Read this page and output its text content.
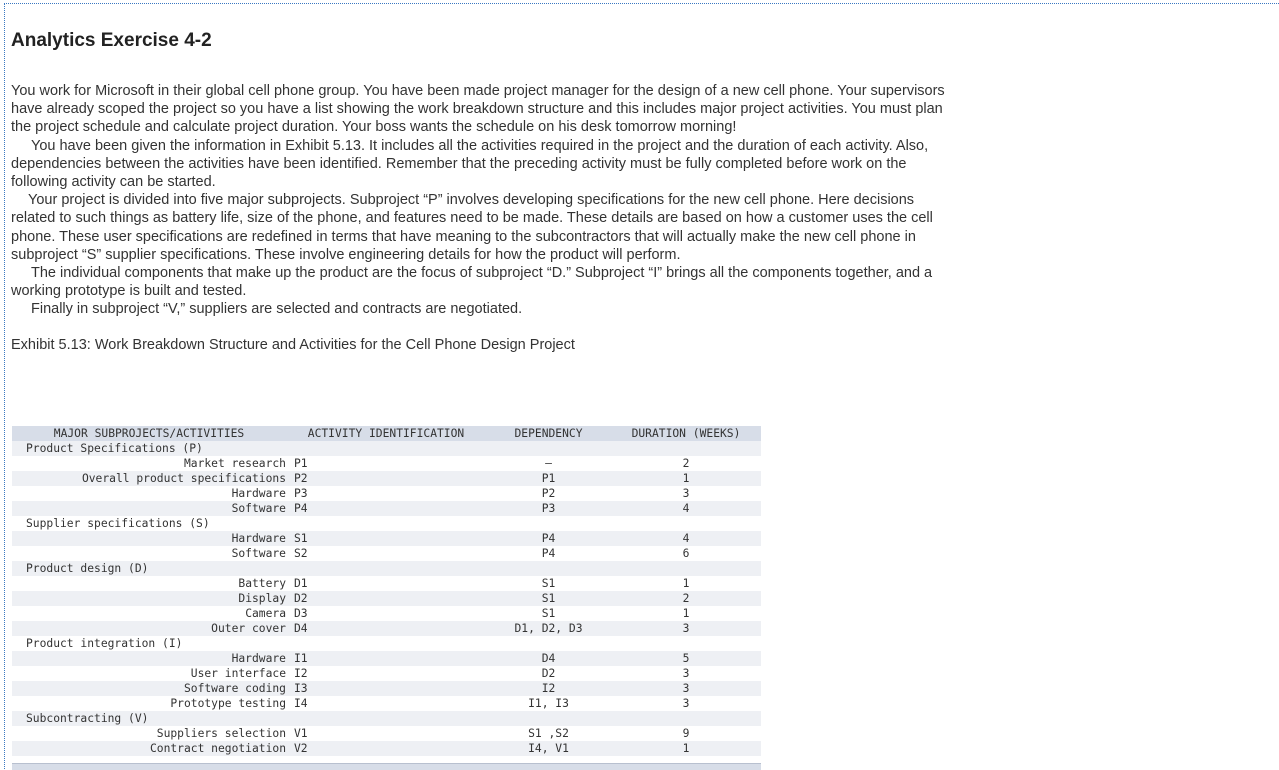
Analytics Exercise 4-2

You work for Microsoft in their global cell phone group. You have been made project manager for the design of a new cell phone. Your supervisors have already scoped the project so you have a list showing the work breakdown structure and this includes major project activities. You must plan the project schedule and calculate project duration. Your boss wants the schedule on his desk tomorrow morning!

You have been given the information in Exhibit 5.13. It includes all the activities required in the project and the duration of each activity. Also, dependencies between the activities have been identified. Remember that the preceding activity must be fully completed before work on the following activity can be started.

Your project is divided into five major subprojects. Subproject “P” involves developing specifications for the new cell phone. Here decisions related to such things as battery life, size of the phone, and features need to be made. These details are based on how a customer uses the cell phone. These user specifications are redefined in terms that have meaning to the subcontractors that will actually make the new cell phone in subproject “S” supplier specifications. These involve engineering details for how the product will perform.

The individual components that make up the product are the focus of subproject “D.” Subproject “I” brings all the components together, and a working prototype is built and tested.

Finally in subproject “V,” suppliers are selected and contracts are negotiated.

Exhibit 5.13: Work Breakdown Structure and Activities for the Cell Phone Design Project
MAJOR SUBPROJECTS/ACTIVITIES	ACTIVITY IDENTIFICATION	DEPENDENCY	DURATION (WEEKS)
Product Specifications (P)			
Market research	P1	—	2
Overall product specifications	P2	P1	1
Hardware	P3	P2	3
Software	P4	P3	4
Supplier specifications (S)			
Hardware	S1	P4	4
Software	S2	P4	6
Product design (D)			
Battery	D1	S1	1
Display	D2	S1	2
Camera	D3	S1	1
Outer cover	D4	D1, D2, D3	3
Product integration (I)			
Hardware	I1	D4	5
User interface	I2	D2	3
Software coding	I3	I2	3
Prototype testing	I4	I1, I3	3
Subcontracting (V)			
Suppliers selection	V1	S1 ,S2	9
Contract negotiation	V2	I4, V1	1
